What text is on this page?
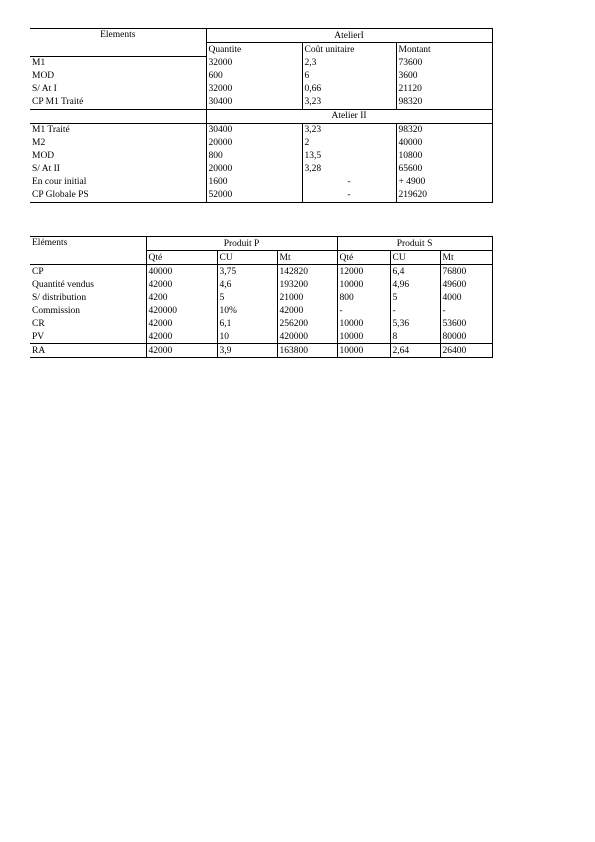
Elements	AtelierI		
	Quantite	Coût unitaire	Montant
M1	32000	2,3	73600
MOD	600	6	3600
S/ At I	32000	0,66	21120
CP M1 Traité	30400	3,23	98320
	Atelier II		
M1 Traité	30400	3,23	98320
M2	20000	2	40000
MOD	800	13,5	10800
S/ At II	20000	3,28	65600
En cour initial	1600	-	+ 4900
CP Globale PS	52000	-	219620
Eléments	Produit P			Produit S		
	Qté	CU	Mt	Qté	CU	Mt
CP	40000	3,75	142820	12000	6,4	76800
Quantité vendus	42000	4,6	193200	10000	4,96	49600
S/ distribution	4200	5	21000	800	5	4000
Commission	420000	10%	42000	-	-	-
CR	42000	6,1	256200	10000	5,36	53600
PV	42000	10	420000	10000	8	80000
RA	42000	3,9	163800	10000	2,64	26400
